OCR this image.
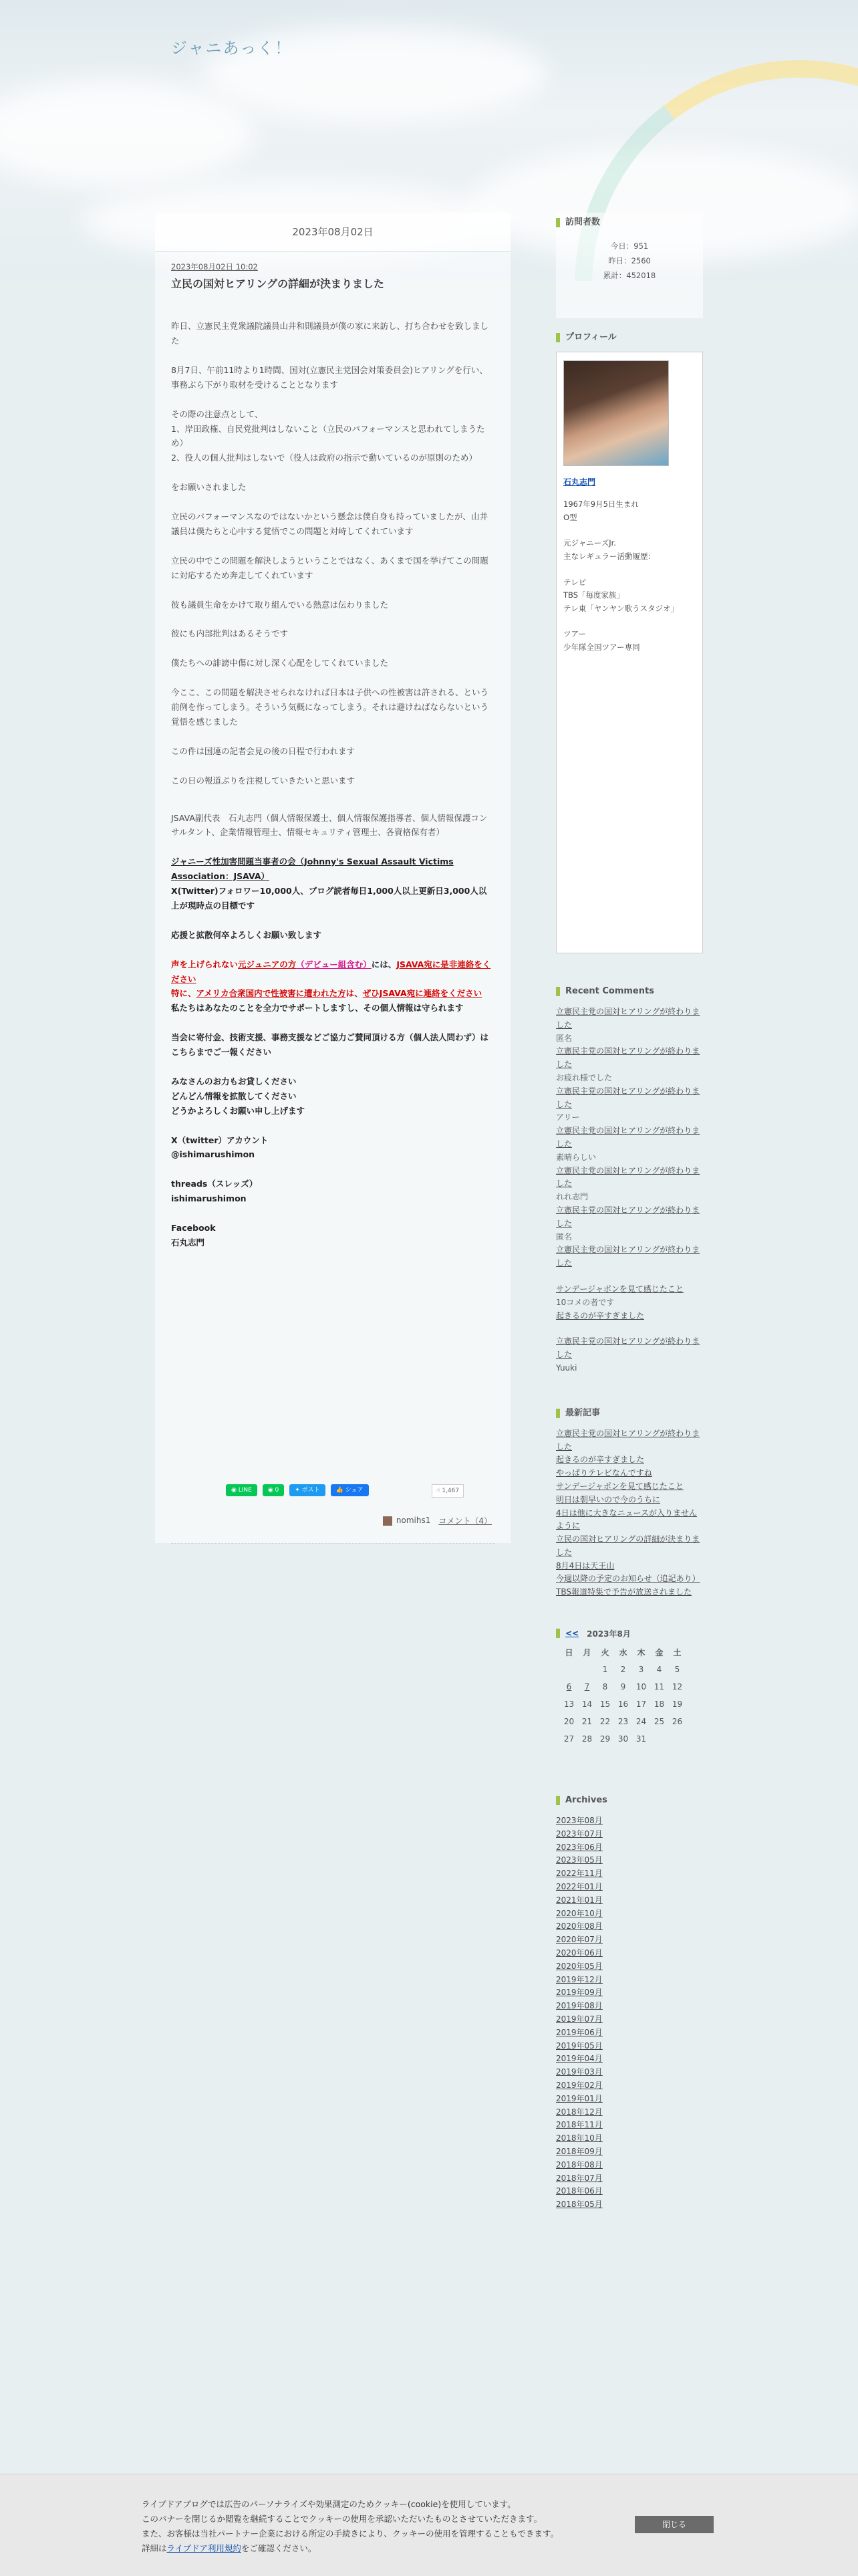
ジャニあっく！
2023年08月02日
2023年08月02日 10:02
立民の国対ヒアリングの詳細が決まりました

昨日、立憲民主党衆議院議員山井和則議員が僕の家に来訪し、打ち合わせを致しました

8月7日、午前11時より1時間、国対(立憲民主党国会対策委員会)ヒアリングを行い、事務ぶら下がり取材を受けることとなります

その際の注意点として、
1、岸田政権、自民党批判はしないこと（立民のパフォーマンスと思われてしまうため）
2、役人の個人批判はしないで（役人は政府の指示で動いているのが原則のため）

をお願いされました

立民のパフォーマンスなのではないかという懸念は僕自身も持っていましたが、山井議員は僕たちと心中する覚悟でこの問題と対峙してくれています

立民の中でこの問題を解決しようということではなく、あくまで国を挙げてこの問題に対応するため奔走してくれています

彼も議員生命をかけて取り組んでいる熱意は伝わりました

彼にも内部批判はあるそうです

僕たちへの誹謗中傷に対し深く心配をしてくれていました

今ここ、この問題を解決させられなければ日本は子供への性被害は許される、という前例を作ってしまう。そういう気概になってしまう。それは避けねばならないという覚悟を感じました

この件は国連の記者会見の後の日程で行われます

この日の報道ぶりを注視していきたいと思います

JSAVA副代表　石丸志門（個人情報保護士、個人情報保護指導者、個人情報保護コンサルタント、企業情報管理士、情報セキュリティ管理士、各資格保有者）

ジャニーズ性加害問題当事者の会（Johnny's Sexual Assault Victims Association：JSAVA）

X(Twitter)フォロワー10,000人、ブログ読者毎日1,000人以上更新日3,000人以上が現時点の目標です

応援と拡散何卒よろしくお願い致します

声を上げられない元ジュニアの方（デビュー組含む）には、JSAVA宛に是非連絡をください

特に、アメリカ合衆国内で性被害に遭われた方は、ぜひJSAVA宛に連絡をください

私たちはあなたのことを全力でサポートしますし、その個人情報は守られます

当会に寄付金、技術支援、事務支援などご協力ご賛同頂ける方（個人法人問わず）はこちらまでご一報ください

みなさんのお力もお貸しください

どんどん情報を拡散してください

どうかよろしくお願い申し上げます

X（twitter）アカウント

@ishimarushimon

threads（スレッズ）

ishimarushimon

Facebook

石丸志門

◉ LINE	◉ 0	✦ ポスト	👍 シェア	☝ 1,467
nomihs1 コメント（4）
訪問者数
今日：951
昨日：2560
累計：452018
プロフィール
石丸志門
1967年9月5日生まれ
O型
元ジャニーズJr.
主なレギュラー活動履歴：
テレビ
TBS「毎度家族」
テレ東「ヤンヤン歌うスタジオ」
ツアー
少年隊全国ツアー専同
Recent Comments
立憲民主党の国対ヒアリングが終わりました
匿名
立憲民主党の国対ヒアリングが終わりました
お疲れ様でした
立憲民主党の国対ヒアリングが終わりました
アリー
立憲民主党の国対ヒアリングが終わりました
素晴らしい
立憲民主党の国対ヒアリングが終わりました
れれ志門
立憲民主党の国対ヒアリングが終わりました
匿名
立憲民主党の国対ヒアリングが終わりました
サンデージャポンを見て感じたこと
10コメの者です
起きるのが辛すぎました
立憲民主党の国対ヒアリングが終わりました
Yuuki
最新記事
立憲民主党の国対ヒアリングが終わりました
起きるのが辛すぎました
やっぱりテレビなんですね
サンデージャポンを見て感じたこと
明日は朝早いので今のうちに
4日は他に大きなニュースが入りませんように
立民の国対ヒアリングの詳細が決まりました
8月4日は天王山
今週以降の予定のお知らせ（追記あり）
TBS報道特集で予告が放送されました
<< 2023年8月
日	月	火	水	木	金	土
		1	2	3	4	5
6	7	8	9	10	11	12
13	14	15	16	17	18	19
20	21	22	23	24	25	26
27	28	29	30	31		
Archives
2023年08月
2023年07月
2023年06月
2023年05月
2022年11月
2022年01月
2021年01月
2020年10月
2020年08月
2020年07月
2020年06月
2020年05月
2019年12月
2019年09月
2019年08月
2019年07月
2019年06月
2019年05月
2019年04月
2019年03月
2019年02月
2019年01月
2018年12月
2018年11月
2018年10月
2018年09月
2018年08月
2018年07月
2018年06月
2018年05月
ライブドアブログでは広告のパーソナライズや効果測定のためクッキー(cookie)を使用しています。
このバナーを閉じるか閲覧を継続することでクッキーの使用を承認いただいたものとさせていただきます。
また、お客様は当社パートナー企業における所定の手続きにより、クッキーの使用を管理することもできます。
詳細はライブドア利用規約をご確認ください。
閉じる
